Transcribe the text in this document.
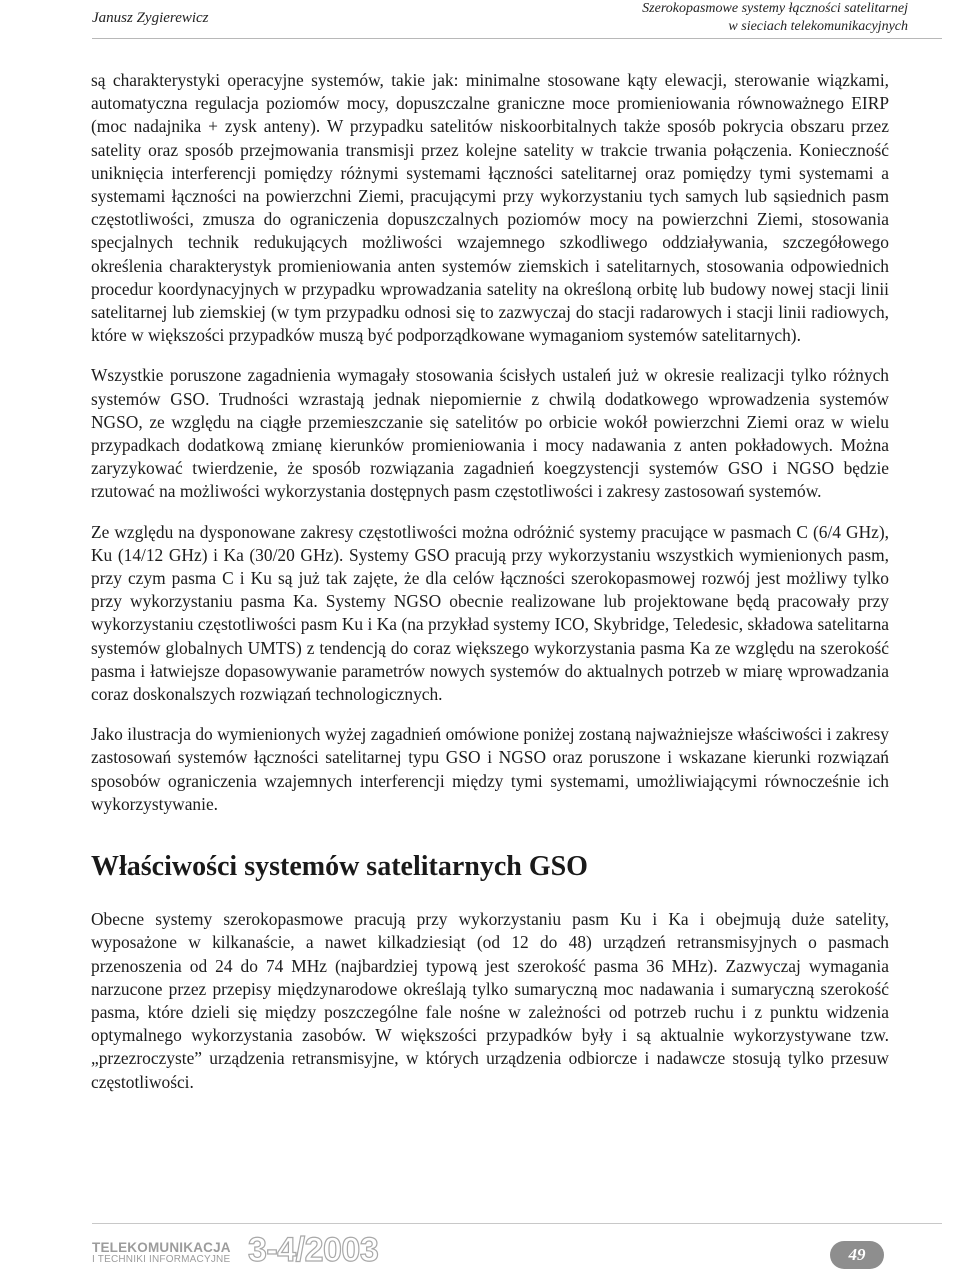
Janusz Zygierewicz
Szerokopasmowe systemy łączności satelitarnej
w sieciach telekomunikacyjnych

są charakterystyki operacyjne systemów, takie jak: minimalne stosowane kąty elewacji, sterowanie wiązkami, automatyczna regulacja poziomów mocy, dopuszczalne graniczne moce promieniowania równoważnego EIRP (moc nadajnika + zysk anteny). W przypadku satelitów niskoorbitalnych także sposób pokrycia obszaru przez satelity oraz sposób przejmowania transmisji przez kolejne satelity w trakcie trwania połączenia. Konieczność uniknięcia interferencji pomiędzy różnymi systemami łączności satelitarnej oraz pomiędzy tymi systemami a systemami łączności na powierzchni Ziemi, pracującymi przy wykorzystaniu tych samych lub sąsiednich pasm częstotliwości, zmusza do ograniczenia dopuszczalnych poziomów mocy na powierzchni Ziemi, stosowania specjalnych technik redukujących możliwości wzajemnego szkodliwego oddziaływania, szczegółowego określenia charakterystyk promieniowania anten systemów ziemskich i satelitarnych, stosowania odpowiednich procedur koordynacyjnych w przypadku wprowadzania satelity na określoną orbitę lub budowy nowej stacji linii satelitarnej lub ziemskiej (w tym przypadku odnosi się to zazwyczaj do stacji radarowych i stacji linii radiowych, które w większości przypadków muszą być podporządkowane wymaganiom systemów satelitarnych).

Wszystkie poruszone zagadnienia wymagały stosowania ścisłych ustaleń już w okresie realizacji tylko różnych systemów GSO. Trudności wzrastają jednak niepomiernie z chwilą dodatkowego wprowadzenia systemów NGSO, ze względu na ciągłe przemieszczanie się satelitów po orbicie wokół powierzchni Ziemi oraz w wielu przypadkach dodatkową zmianę kierunków promieniowania i mocy nadawania z anten pokładowych. Można zaryzykować twierdzenie, że sposób rozwiązania zagadnień koegzystencji systemów GSO i NGSO będzie rzutować na możliwości wykorzystania dostępnych pasm częstotliwości i zakresy zastosowań systemów.

Ze względu na dysponowane zakresy częstotliwości można odróżnić systemy pracujące w pasmach C (6/4 GHz), Ku (14/12 GHz) i Ka (30/20 GHz). Systemy GSO pracują przy wykorzystaniu wszystkich wymienionych pasm, przy czym pasma C i Ku są już tak zajęte, że dla celów łączności szerokopasmowej rozwój jest możliwy tylko przy wykorzystaniu pasma Ka. Systemy NGSO obecnie realizowane lub projektowane będą pracowały przy wykorzystaniu częstotliwości pasm Ku i Ka (na przykład systemy ICO, Skybridge, Teledesic, składowa satelitarna systemów globalnych UMTS) z tendencją do coraz większego wykorzystania pasma Ka ze względu na szerokość pasma i łatwiejsze dopasowywanie parametrów nowych systemów do aktualnych potrzeb w miarę wprowadzania coraz doskonalszych rozwiązań technologicznych.

Jako ilustracja do wymienionych wyżej zagadnień omówione poniżej zostaną najważniejsze właściwości i zakresy zastosowań systemów łączności satelitarnej typu GSO i NGSO oraz poruszone i wskazane kierunki rozwiązań sposobów ograniczenia wzajemnych interferencji między tymi systemami, umożliwiającymi równocześnie ich wykorzystywanie.

Właściwości systemów satelitarnych GSO

Obecne systemy szerokopasmowe pracują przy wykorzystaniu pasm Ku i Ka i obejmują duże satelity, wyposażone w kilkanaście, a nawet kilkadziesiąt (od 12 do 48) urządzeń retransmisyjnych o pasmach przenoszenia od 24 do 74 MHz (najbardziej typową jest szerokość pasma 36 MHz). Zazwyczaj wymagania narzucone przez przepisy międzynarodowe określają tylko sumaryczną moc nadawania i sumaryczną szerokość pasma, które dzieli się między poszczególne fale nośne w zależności od potrzeb ruchu i z punktu widzenia optymalnego wykorzystania zasobów. W większości przypadków były i są aktualnie wykorzystywane tzw. „przezroczyste” urządzenia retransmisyjne, w których urządzenia odbiorcze i nadawcze stosują tylko przesuw częstotliwości.

TELEKOMUNIKACJA
I TECHNIKI INFORMACYJNE 3-4/2003	49
